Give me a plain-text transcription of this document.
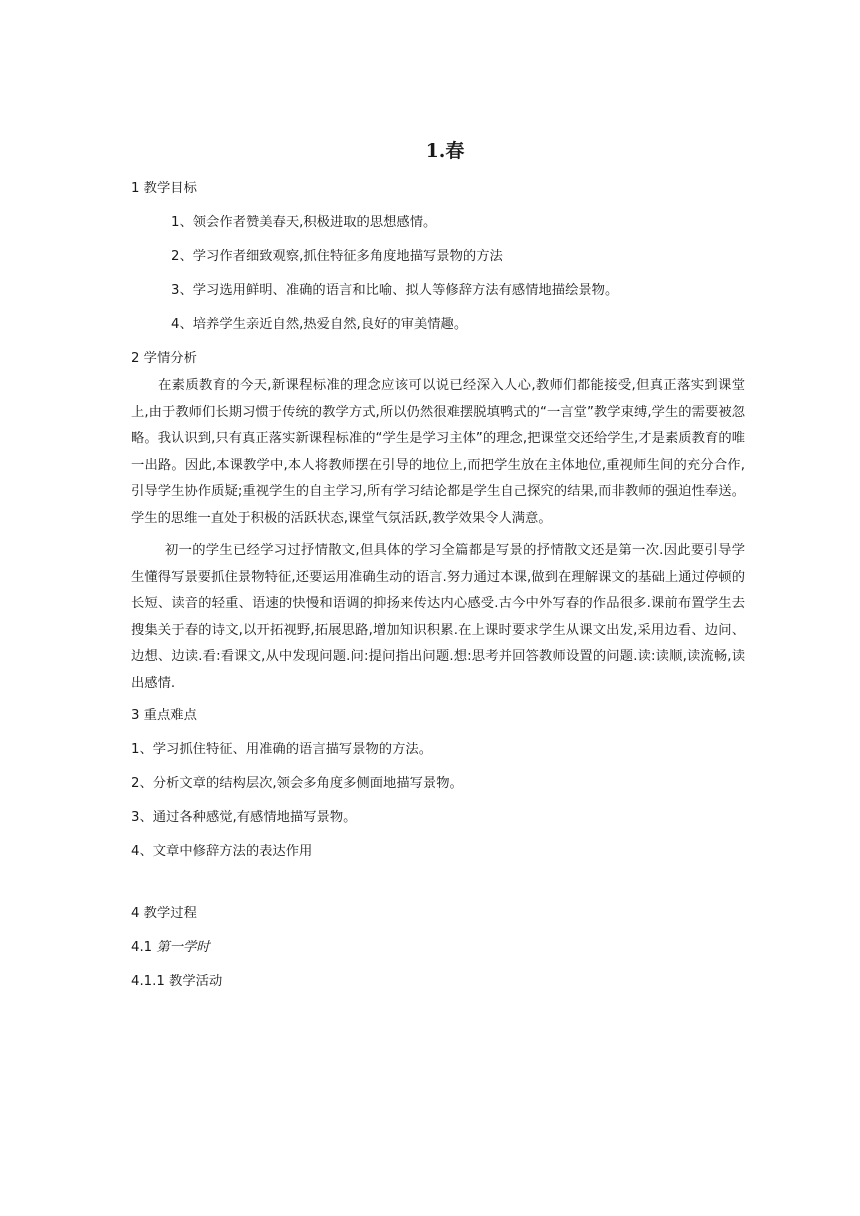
1.春
1 教学目标
1、领会作者赞美春天,积极进取的思想感情。
2、学习作者细致观察,抓住特征多角度地描写景物的方法
3、学习选用鲜明、准确的语言和比喻、拟人等修辞方法有感情地描绘景物。
4、培养学生亲近自然,热爱自然,良好的审美情趣。
2 学情分析

在素质教育的今天,新课程标准的理念应该可以说已经深入人心,教师们都能接受,但真正落实到课堂上,由于教师们长期习惯于传统的教学方式,所以仍然很难摆脱填鸭式的“一言堂”教学束缚,学生的需要被忽略。我认识到,只有真正落实新课程标准的“学生是学习主体”的理念,把课堂交还给学生,才是素质教育的唯一出路。因此,本课教学中,本人将教师摆在引导的地位上,而把学生放在主体地位,重视师生间的充分合作,引导学生协作质疑;重视学生的自主学习,所有学习结论都是学生自己探究的结果,而非教师的强迫性奉送。学生的思维一直处于积极的活跃状态,课堂气氛活跃,教学效果令人满意。

初一的学生已经学习过抒情散文,但具体的学习全篇都是写景的抒情散文还是第一次.因此要引导学生懂得写景要抓住景物特征,还要运用准确生动的语言.努力通过本课,做到在理解课文的基础上通过停顿的长短、读音的轻重、语速的快慢和语调的抑扬来传达内心感受.古今中外写春的作品很多.课前布置学生去搜集关于春的诗文,以开拓视野,拓展思路,增加知识积累.在上课时要求学生从课文出发,采用边看、边问、边想、边读.看:看课文,从中发现问题.问:提问指出问题.想:思考并回答教师设置的问题.读:读顺,读流畅,读出感情.

3 重点难点
1、学习抓住特征、用准确的语言描写景物的方法。
2、分析文章的结构层次,领会多角度多侧面地描写景物。
3、通过各种感觉,有感情地描写景物。
4、文章中修辞方法的表达作用
4 教学过程
4.1 第一学时
4.1.1 教学活动
